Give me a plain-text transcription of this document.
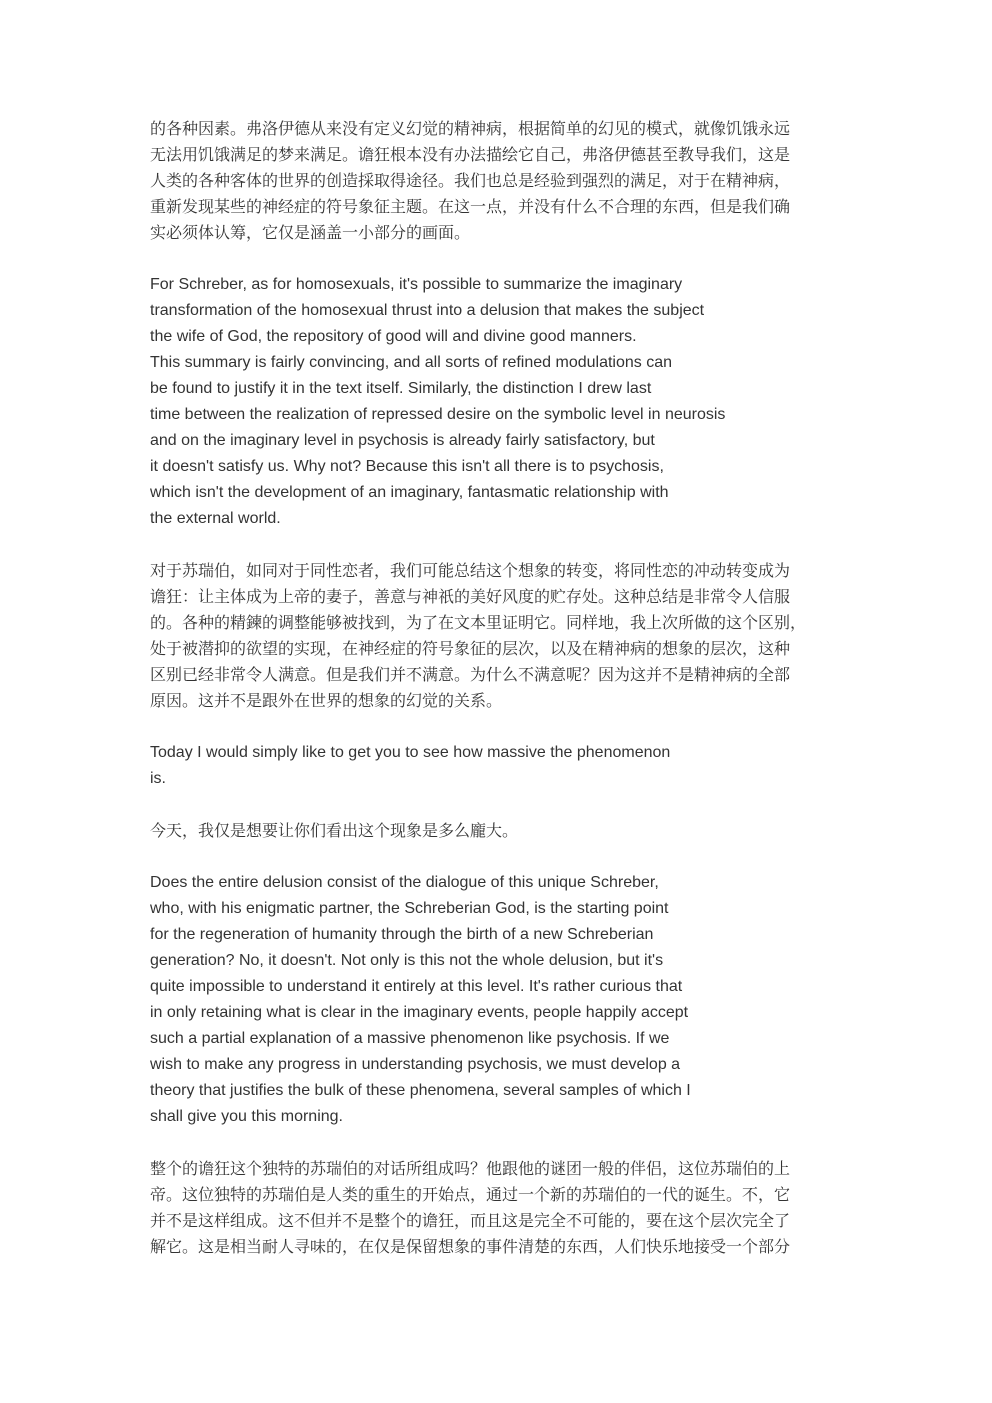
的各种因素。弗洛伊德从来没有定义幻觉的精神病，根据简单的幻见的模式，就像饥饿永远
无法用饥饿满足的梦来满足。谵狂根本没有办法描绘它自己，弗洛伊德甚至教导我们，这是
人类的各种客体的世界的创造採取得途径。我们也总是经验到强烈的满足，对于在精神病，
重新发现某些的神经症的符号象征主题。在这一点，并没有什么不合理的东西，但是我们确
实必须体认筹，它仅是涵盖一小部分的画面。

For Schreber, as for homosexuals, it's possible to summarize the imaginary
transformation of the homosexual thrust into a delusion that makes the subject
the wife of God, the repository of good will and divine good manners.
This summary is fairly convincing, and all sorts of refined modulations can
be found to justify it in the text itself. Similarly, the distinction I drew last
time between the realization of repressed desire on the symbolic level in neurosis
and on the imaginary level in psychosis is already fairly satisfactory, but
it doesn't satisfy us. Why not? Because this isn't all there is to psychosis,
which isn't the development of an imaginary, fantasmatic relationship with
the external world.

对于苏瑞伯，如同对于同性恋者，我们可能总结这个想象的转变，将同性恋的冲动转变成为
谵狂：让主体成为上帝的妻子，善意与神祇的美好风度的贮存处。这种总结是非常令人信服
的。各种的精鍊的调整能够被找到，为了在文本里证明它。同样地，我上次所做的这个区别，
处于被潜抑的欲望的实现，在神经症的符号象征的层次，以及在精神病的想象的层次，这种
区别已经非常令人满意。但是我们并不满意。为什么不满意呢？因为这并不是精神病的全部
原因。这并不是跟外在世界的想象的幻觉的关系。

Today I would simply like to get you to see how massive the phenomenon
is.

今天，我仅是想要让你们看出这个现象是多么龐大。

Does the entire delusion consist of the dialogue of this unique Schreber,
who, with his enigmatic partner, the Schreberian God, is the starting point
for the regeneration of humanity through the birth of a new Schreberian
generation? No, it doesn't. Not only is this not the whole delusion, but it's
quite impossible to understand it entirely at this level. It's rather curious that
in only retaining what is clear in the imaginary events, people happily accept
such a partial explanation of a massive phenomenon like psychosis. If we
wish to make any progress in understanding psychosis, we must develop a
theory that justifies the bulk of these phenomena, several samples of which I
shall give you this morning.

整个的谵狂这个独特的苏瑞伯的对话所组成吗？他跟他的谜团一般的伴侣，这位苏瑞伯的上
帝。这位独特的苏瑞伯是人类的重生的开始点，通过一个新的苏瑞伯的一代的诞生。不，它
并不是这样组成。这不但并不是整个的谵狂，而且这是完全不可能的，要在这个层次完全了
解它。这是相当耐人寻味的，在仅是保留想象的事件清楚的东西，人们快乐地接受一个部分
